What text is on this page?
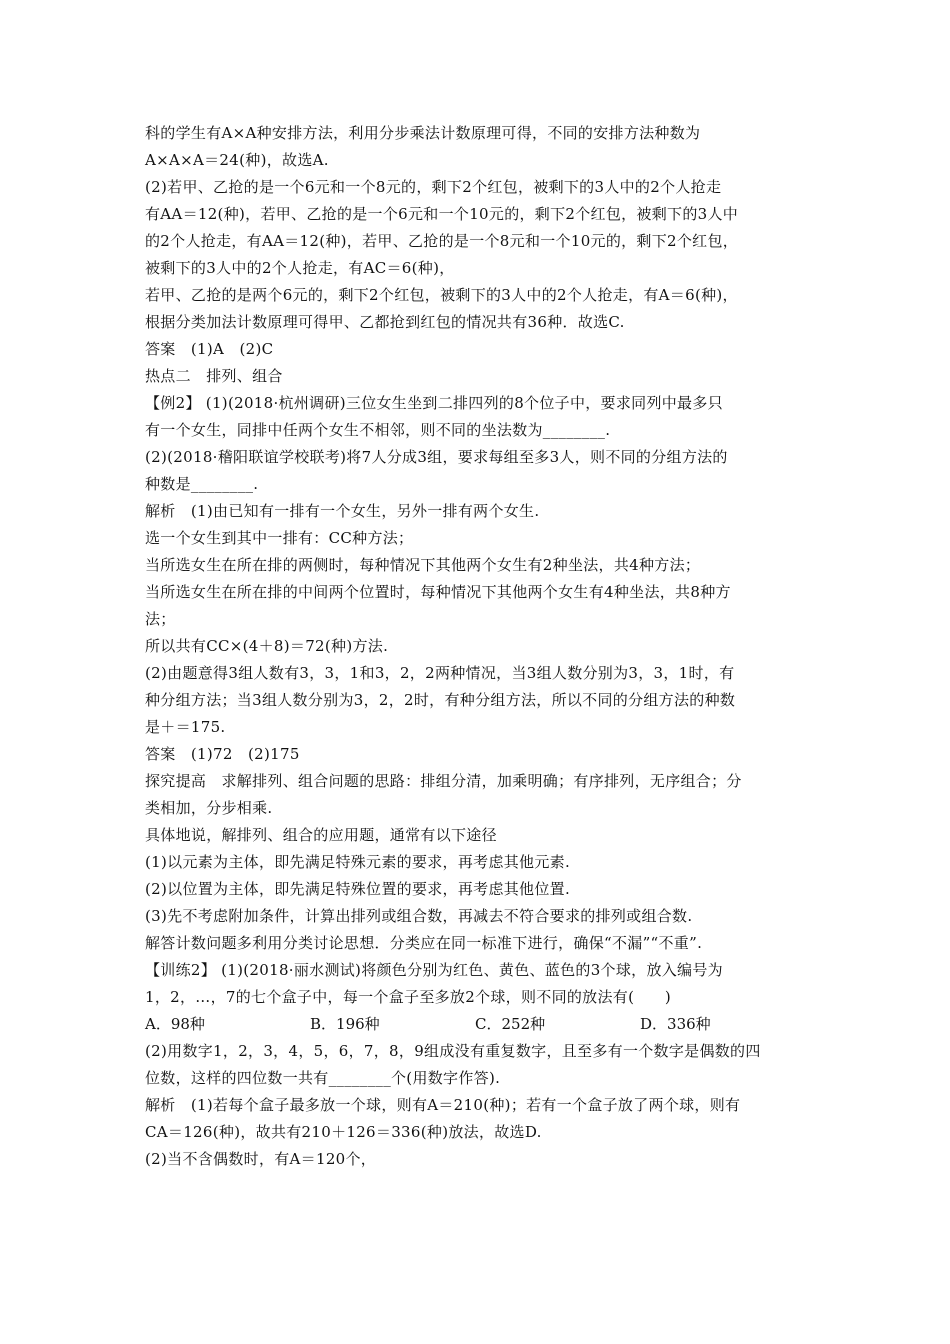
科的学生有A×A种安排方法，利用分步乘法计数原理可得，不同的安排方法种数为
A×A×A＝24(种)，故选A.
(2)若甲、乙抢的是一个6元和一个8元的，剩下2个红包，被剩下的3人中的2个人抢走
有AA＝12(种)，若甲、乙抢的是一个6元和一个10元的，剩下2个红包，被剩下的3人中
的2个人抢走，有AA＝12(种)，若甲、乙抢的是一个8元和一个10元的，剩下2个红包，
被剩下的3人中的2个人抢走，有AC＝6(种)，
若甲、乙抢的是两个6元的，剩下2个红包，被剩下的3人中的2个人抢走，有A＝6(种)，
根据分类加法计数原理可得甲、乙都抢到红包的情况共有36种．故选C.
答案　(1)A　(2)C
热点二　排列、组合
【例2】 (1)(2018·杭州调研)三位女生坐到二排四列的8个位子中，要求同列中最多只
有一个女生，同排中任两个女生不相邻，则不同的坐法数为________.
(2)(2018·稽阳联谊学校联考)将7人分成3组，要求每组至多3人，则不同的分组方法的
种数是________.
解析　(1)由已知有一排有一个女生，另外一排有两个女生.
选一个女生到其中一排有：CC种方法；
当所选女生在所在排的两侧时，每种情况下其他两个女生有2种坐法，共4种方法；
当所选女生在所在排的中间两个位置时，每种情况下其他两个女生有4种坐法，共8种方
法；
所以共有CC×(4＋8)＝72(种)方法.
(2)由题意得3组人数有3，3，1和3，2，2两种情况，当3组人数分别为3，3，1时，有
种分组方法；当3组人数分别为3，2，2时，有种分组方法，所以不同的分组方法的种数
是＋＝175.
答案　(1)72　(2)175
探究提高　求解排列、组合问题的思路：排组分清，加乘明确；有序排列，无序组合；分
类相加，分步相乘.
具体地说，解排列、组合的应用题，通常有以下途径
(1)以元素为主体，即先满足特殊元素的要求，再考虑其他元素.
(2)以位置为主体，即先满足特殊位置的要求，再考虑其他位置.
(3)先不考虑附加条件，计算出排列或组合数，再减去不符合要求的排列或组合数.
解答计数问题多利用分类讨论思想．分类应在同一标准下进行，确保“不漏”“不重”.
【训练2】 (1)(2018·丽水测试)将颜色分别为红色、黄色、蓝色的3个球，放入编号为
1，2，…，7的七个盒子中，每一个盒子至多放2个球，则不同的放法有(　　)
A．98种	B．196种	C．252种	D．336种
(2)用数字1，2，3，4，5，6，7，8，9组成没有重复数字，且至多有一个数字是偶数的四
位数，这样的四位数一共有________个(用数字作答).
解析　(1)若每个盒子最多放一个球，则有A＝210(种)；若有一个盒子放了两个球，则有
CA＝126(种)，故共有210＋126＝336(种)放法，故选D.
(2)当不含偶数时，有A＝120个，
